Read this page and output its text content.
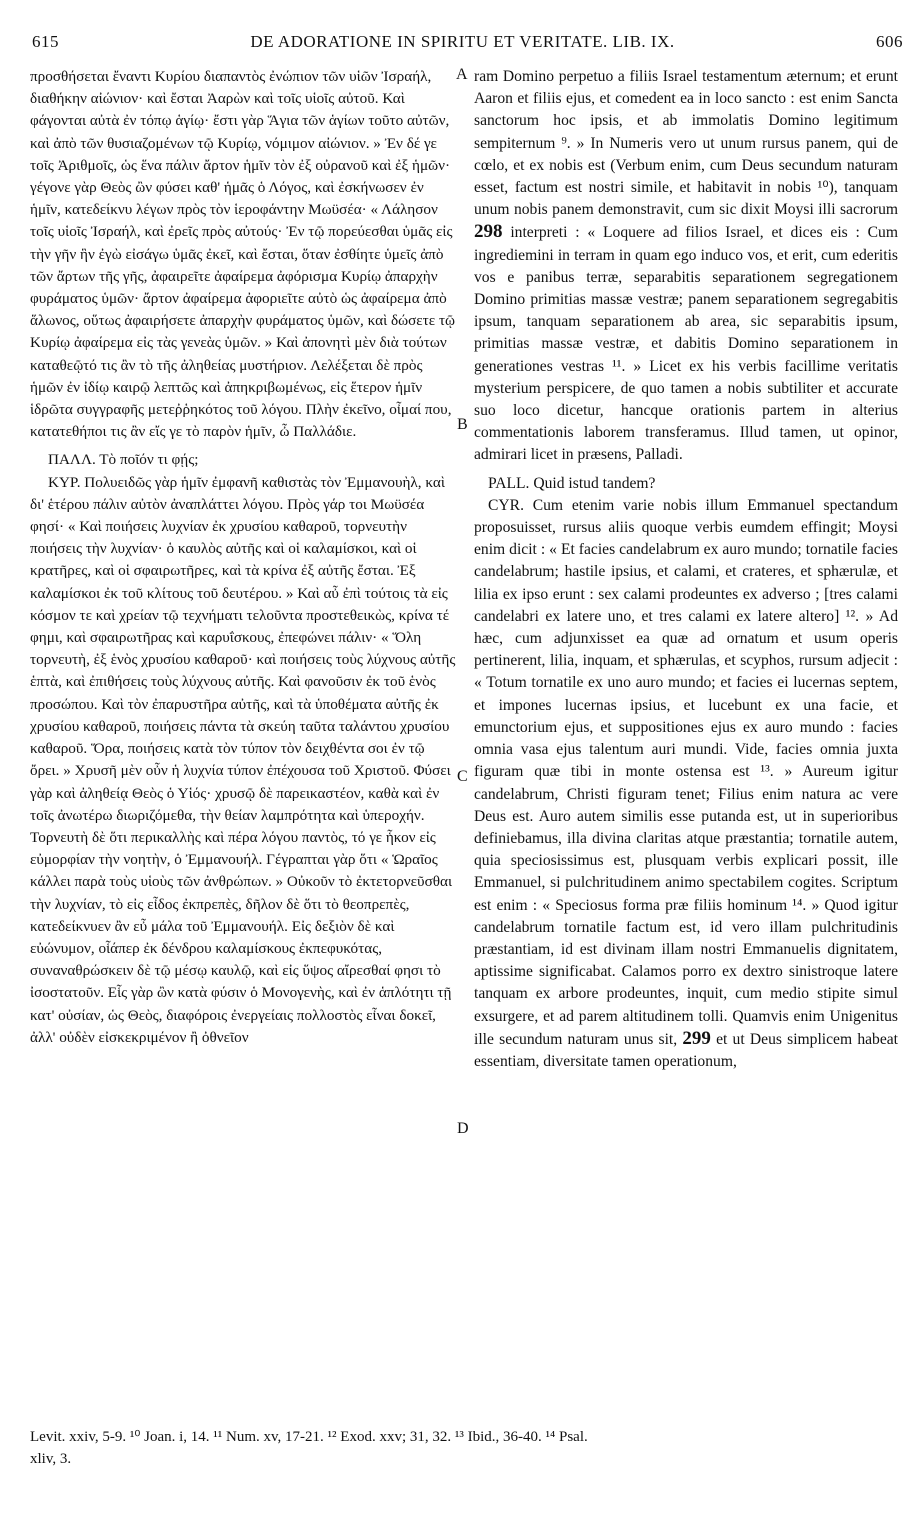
615	DE ADORATIONE IN SPIRITU ET VERITATE. LIB. IX.	606

προσθήσεται ἔναντι Κυρίου διαπαντὸς ἐνώπιον τῶν υἱῶν Ἰσραήλ, διαθήκην αἰώνιον· καὶ ἔσται Ἀαρὼν καὶ τοῖς υἱοῖς αὐτοῦ. Καὶ φάγονται αὐτὰ ἐν τόπῳ ἁγίῳ· ἔστι γὰρ Ἅγια τῶν ἁγίων τοῦτο αὐτῶν, καὶ ἀπὸ τῶν θυσιαζομένων τῷ Κυρίῳ, νόμιμον αἰώνιον. » Ἐν δέ γε τοῖς Ἀριθμοῖς, ὡς ἕνα πάλιν ἄρτον ἡμῖν τὸν ἐξ οὐρανοῦ καὶ ἐξ ἡμῶν· γέγονε γὰρ Θεὸς ὢν φύσει καθ' ἡμᾶς ὁ Λόγος, καὶ ἐσκήνωσεν ἐν ἡμῖν, κατεδείκνυ λέγων πρὸς τὸν ἱεροφάντην Μωϋσέα· « Λάλησον τοῖς υἱοῖς Ἰσραήλ, καὶ ἐρεῖς πρὸς αὐτούς· Ἐν τῷ πορεύεσθαι ὑμᾶς εἰς τὴν γῆν ἣν ἐγὼ εἰσάγω ὑμᾶς ἐκεῖ, καὶ ἔσται, ὅταν ἐσθίητε ὑμεῖς ἀπὸ τῶν ἄρτων τῆς γῆς, ἀφαιρεῖτε ἀφαίρεμα ἀφόρισμα Κυρίῳ ἀπαρχὴν φυράματος ὑμῶν· ἄρτον ἀφαίρεμα ἀφοριεῖτε αὐτὸ ὡς ἀφαίρεμα ἀπὸ ἅλωνος, οὕτως ἀφαιρήσετε ἀπαρχὴν φυράματος ὑμῶν, καὶ δώσετε τῷ Κυρίῳ ἀφαίρεμα εἰς τὰς γενεὰς ὑμῶν. » Καὶ ἀπονητὶ μὲν διὰ τούτων καταθεῷτό τις ἂν τὸ τῆς ἀληθείας μυστήριον. Λελέξεται δὲ πρὸς ἡμῶν ἐν ἰδίῳ καιρῷ λεπτῶς καὶ ἀπηκριβωμένως, εἰς ἕτερον ἡμῖν ἱδρῶτα συγγραφῆς μετεῤῥηκότος τοῦ λόγου. Πλὴν ἐκεῖνο, οἶμαί που, κατατεθήποι τις ἂν εἴς γε τὸ παρὸν ἡμῖν, ὦ Παλλάδιε.

ΠΑΛΛ. Τὸ ποῖόν τι φῄς;

ΚΥΡ. Πολυειδῶς γὰρ ἡμῖν ἐμφανῆ καθιστὰς τὸν Ἐμμανουὴλ, καὶ δι' ἑτέρου πάλιν αὐτὸν ἀναπλάττει λόγου. Πρὸς γάρ τοι Μωϋσέα φησί· « Καὶ ποιήσεις λυχνίαν ἐκ χρυσίου καθαροῦ, τορνευτὴν ποιήσεις τὴν λυχνίαν· ὁ καυλὸς αὐτῆς καὶ οἱ καλαμίσκοι, καὶ οἱ κρατῆρες, καὶ οἱ σφαιρωτῆρες, καὶ τὰ κρίνα ἐξ αὐτῆς ἔσται. Ἐξ καλαμίσκοι ἐκ τοῦ κλίτους τοῦ δευτέρου. » Καὶ αὖ ἐπὶ τούτοις τὰ εἰς κόσμον τε καὶ χρείαν τῷ τεχνήματι τελοῦντα προστεθεικὼς, κρίνα τέ φημι, καὶ σφαιρωτῆρας καὶ καρυΐσκους, ἐπεφώνει πάλιν· « Ὅλη τορνευτὴ, ἐξ ἑνὸς χρυσίου καθαροῦ· καὶ ποιήσεις τοὺς λύχνους αὐτῆς ἑπτὰ, καὶ ἐπιθήσεις τοὺς λύχνους αὐτῆς. Καὶ φανοῦσιν ἐκ τοῦ ἑνὸς προσώπου. Καὶ τὸν ἐπαρυστῆρα αὐτῆς, καὶ τὰ ὑποθέματα αὐτῆς ἐκ χρυσίου καθαροῦ, ποιήσεις πάντα τὰ σκεύη ταῦτα ταλάντου χρυσίου καθαροῦ. Ὅρα, ποιήσεις κατὰ τὸν τύπον τὸν δειχθέντα σοι ἐν τῷ ὄρει. » Χρυσῆ μὲν οὖν ἡ λυχνία τύπον ἐπέχουσα τοῦ Χριστοῦ. Φύσει γὰρ καὶ ἀληθείᾳ Θεὸς ὁ Υἱός· χρυσῷ δὲ παρεικαστέον, καθὰ καὶ ἐν τοῖς ἀνωτέρω διωριζόμεθα, τὴν θείαν λαμπρότητα καὶ ὑπεροχήν. Τορνευτὴ δὲ ὅτι περικαλλὴς καὶ πέρα λόγου παντὸς, τό γε ἧκον εἰς εὐμορφίαν τὴν νοητὴν, ὁ Ἐμμανουήλ. Γέγραπται γὰρ ὅτι « Ὡραῖος κάλλει παρὰ τοὺς υἱοὺς τῶν ἀνθρώπων. » Οὐκοῦν τὸ ἐκτετορνεῦσθαι τὴν λυχνίαν, τὸ εἰς εἶδος ἐκπρεπὲς, δῆλον δὲ ὅτι τὸ θεοπρεπὲς, κατεδείκνυεν ἂν εὖ μάλα τοῦ Ἐμμανουήλ. Εἰς δεξιὸν δὲ καὶ εὐώνυμον, οἷάπερ ἐκ δένδρου καλαμίσκους ἐκπεφυκότας, συναναθρώσκειν δὲ τῷ μέσῳ καυλῷ, καὶ εἰς ὕψος αἴρεσθαί φησι τὸ ἰσοστατοῦν. Εἷς γὰρ ὢν κατὰ φύσιν ὁ Μονογενὴς, καὶ ἐν ἁπλότητι τῇ κατ' οὐσίαν, ὡς Θεὸς, διαφόροις ἐνεργείαις πολλοστὸς εἶναι δοκεῖ, ἀλλ' οὐδὲν εἰσκεκριμένον ἢ ὀθνεῖον

A
B
C
D

ram Domino perpetuo a filiis Israel testamentum æternum; et erunt Aaron et filiis ejus, et comedent ea in loco sancto : est enim Sancta sanctorum hoc ipsis, et ab immolatis Domino legitimum sempiternum ⁹. » In Numeris vero ut unum rursus panem, qui de cœlo, et ex nobis est (Verbum enim, cum Deus secundum naturam esset, factum est nostri simile, et habitavit in nobis ¹⁰), tanquam unum nobis panem demonstravit, cum sic dixit Moysi illi sacrorum 298 interpreti : « Loquere ad filios Israel, et dices eis : Cum ingrediemini in terram in quam ego induco vos, et erit, cum ederitis vos e panibus terræ, separabitis separationem segregationem Domino primitias massæ vestræ; panem separationem segregabitis ipsum, tanquam separationem ab area, sic separabitis ipsum, primitias massæ vestræ, et dabitis Domino separationem in generationes vestras ¹¹. » Licet ex his verbis facillime veritatis mysterium perspicere, de quo tamen a nobis subtiliter et accurate suo loco dicetur, hancque orationis partem in alterius commentationis laborem transferamus. Illud tamen, ut opinor, admirari licet in præsens, Palladi.

PALL. Quid istud tandem?

CYR. Cum etenim varie nobis illum Emmanuel spectandum proposuisset, rursus aliis quoque verbis eumdem effingit; Moysi enim dicit : « Et facies candelabrum ex auro mundo; tornatile facies candelabrum; hastile ipsius, et calami, et crateres, et sphærulæ, et lilia ex ipso erunt : sex calami prodeuntes ex adverso ; [tres calami candelabri ex latere uno, et tres calami ex latere altero] ¹². » Ad hæc, cum adjunxisset ea quæ ad ornatum et usum operis pertinerent, lilia, inquam, et sphærulas, et scyphos, rursum adjecit : « Totum tornatile ex uno auro mundo; et facies ei lucernas septem, et impones lucernas ipsius, et lucebunt ex una facie, et emunctorium ejus, et suppositiones ejus ex auro mundo : facies omnia vasa ejus talentum auri mundi. Vide, facies omnia juxta figuram quæ tibi in monte ostensa est ¹³. » Aureum igitur candelabrum, Christi figuram tenet; Filius enim natura ac vere Deus est. Auro autem similis esse putanda est, ut in superioribus definiebamus, illa divina claritas atque præstantia; tornatile autem, quia speciosissimus est, plusquam verbis explicari possit, ille Emmanuel, si pulchritudinem animo spectabilem cogites. Scriptum est enim : « Speciosus forma præ filiis hominum ¹⁴. » Quod igitur candelabrum tornatile factum est, id vero illam pulchritudinis præstantiam, id est divinam illam nostri Emmanuelis dignitatem, aptissime significabat. Calamos porro ex dextro sinistroque latere tanquam ex arbore prodeuntes, inquit, cum medio stipite simul exsurgere, et ad parem altitudinem tolli. Quamvis enim Unigenitus ille secundum naturam unus sit, 299 et ut Deus simplicem habeat essentiam, diversitate tamen operationum,

Levit. xxiv, 5-9. ¹⁰ Joan. i, 14. ¹¹ Num. xv, 17-21. ¹² Exod. xxv; 31, 32. ¹³ Ibid., 36-40. ¹⁴ Psal.
xliv, 3.
